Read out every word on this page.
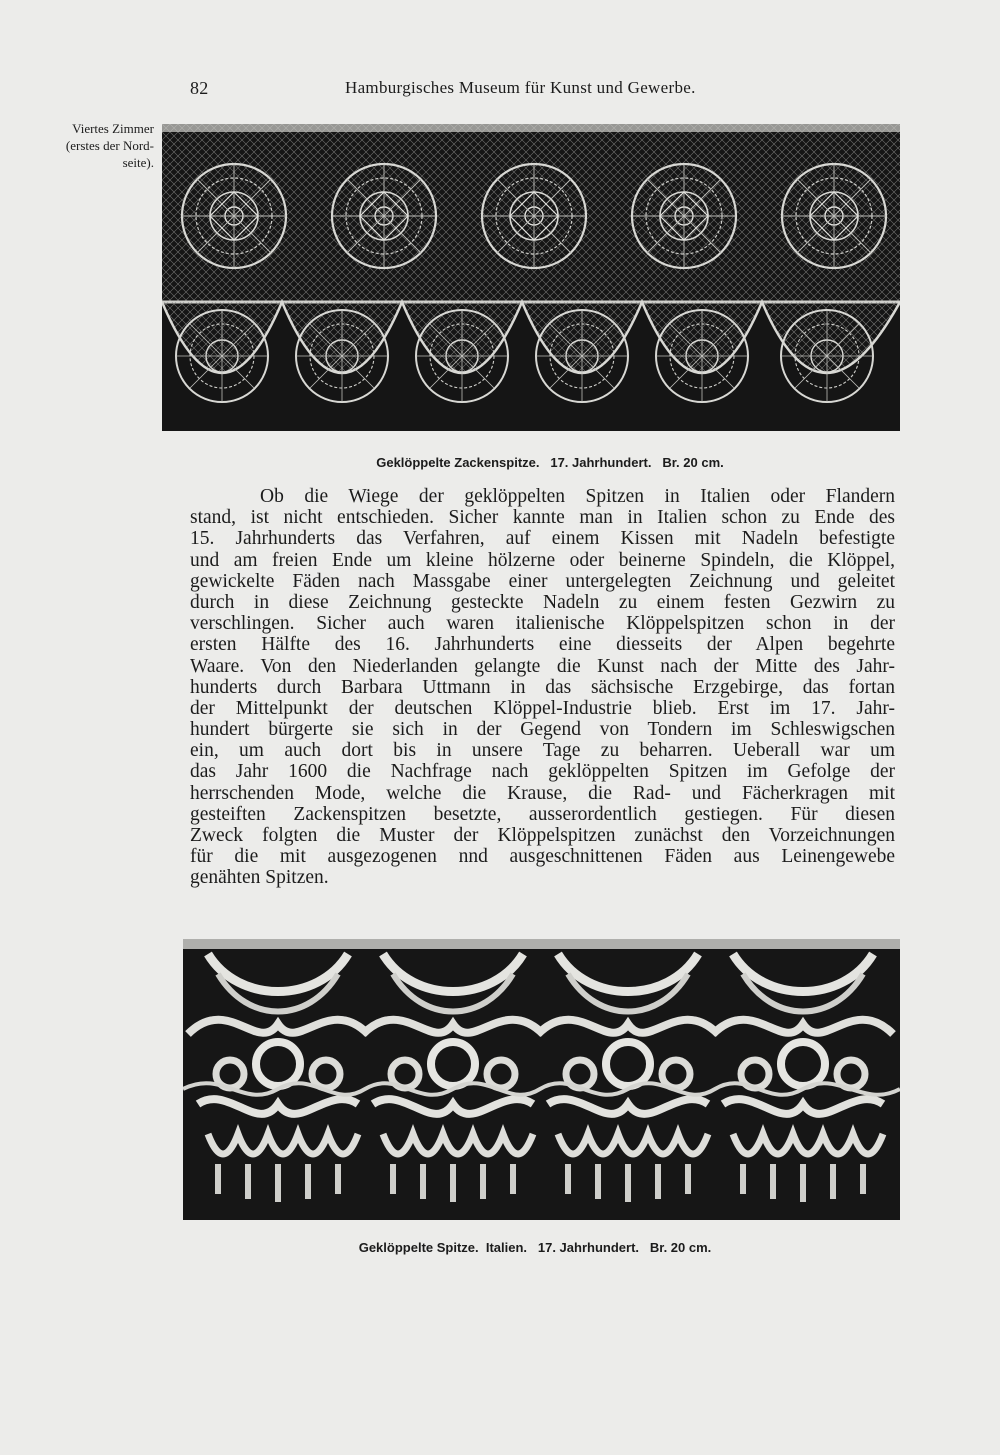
82	Hamburgisches Museum für Kunst und Gewerbe.
Viertes Zimmer
(erstes der Nord-
seite).
Geklöppelte Zackenspitze.   17. Jahrhundert.   Br. 20 cm.
Ob die Wiege der geklöppelten Spitzen in Italien oder Flandern
stand, ist nicht entschieden. Sicher kannte man in Italien schon zu Ende des
15. Jahrhunderts das Verfahren, auf einem Kissen mit Nadeln befestigte
und am freien Ende um kleine hölzerne oder beinerne Spindeln, die Klöppel,
gewickelte Fäden nach Massgabe einer untergelegten Zeichnung und geleitet
durch in diese Zeichnung gesteckte Nadeln zu einem festen Gezwirn zu
verschlingen. Sicher auch waren italienische Klöppelspitzen schon in der
ersten Hälfte des 16. Jahrhunderts eine diesseits der Alpen begehrte
Waare. Von den Niederlanden gelangte die Kunst nach der Mitte des Jahr-
hunderts durch Barbara Uttmann in das sächsische Erzgebirge, das fortan
der Mittelpunkt der deutschen Klöppel-Industrie blieb. Erst im 17. Jahr-
hundert bürgerte sie sich in der Gegend von Tondern im Schleswigschen
ein, um auch dort bis in unsere Tage zu beharren. Ueberall war um
das Jahr 1600 die Nachfrage nach geklöppelten Spitzen im Gefolge der
herrschenden Mode, welche die Krause, die Rad- und Fächerkragen mit
gesteiften Zackenspitzen besetzte, ausserordentlich gestiegen. Für diesen
Zweck folgten die Muster der Klöppelspitzen zunächst den Vorzeichnungen
für die mit ausgezogenen nnd ausgeschnittenen Fäden aus Leinengewebe
genähten Spitzen.
Geklöppelte Spitze.  Italien.   17. Jahrhundert.   Br. 20 cm.
